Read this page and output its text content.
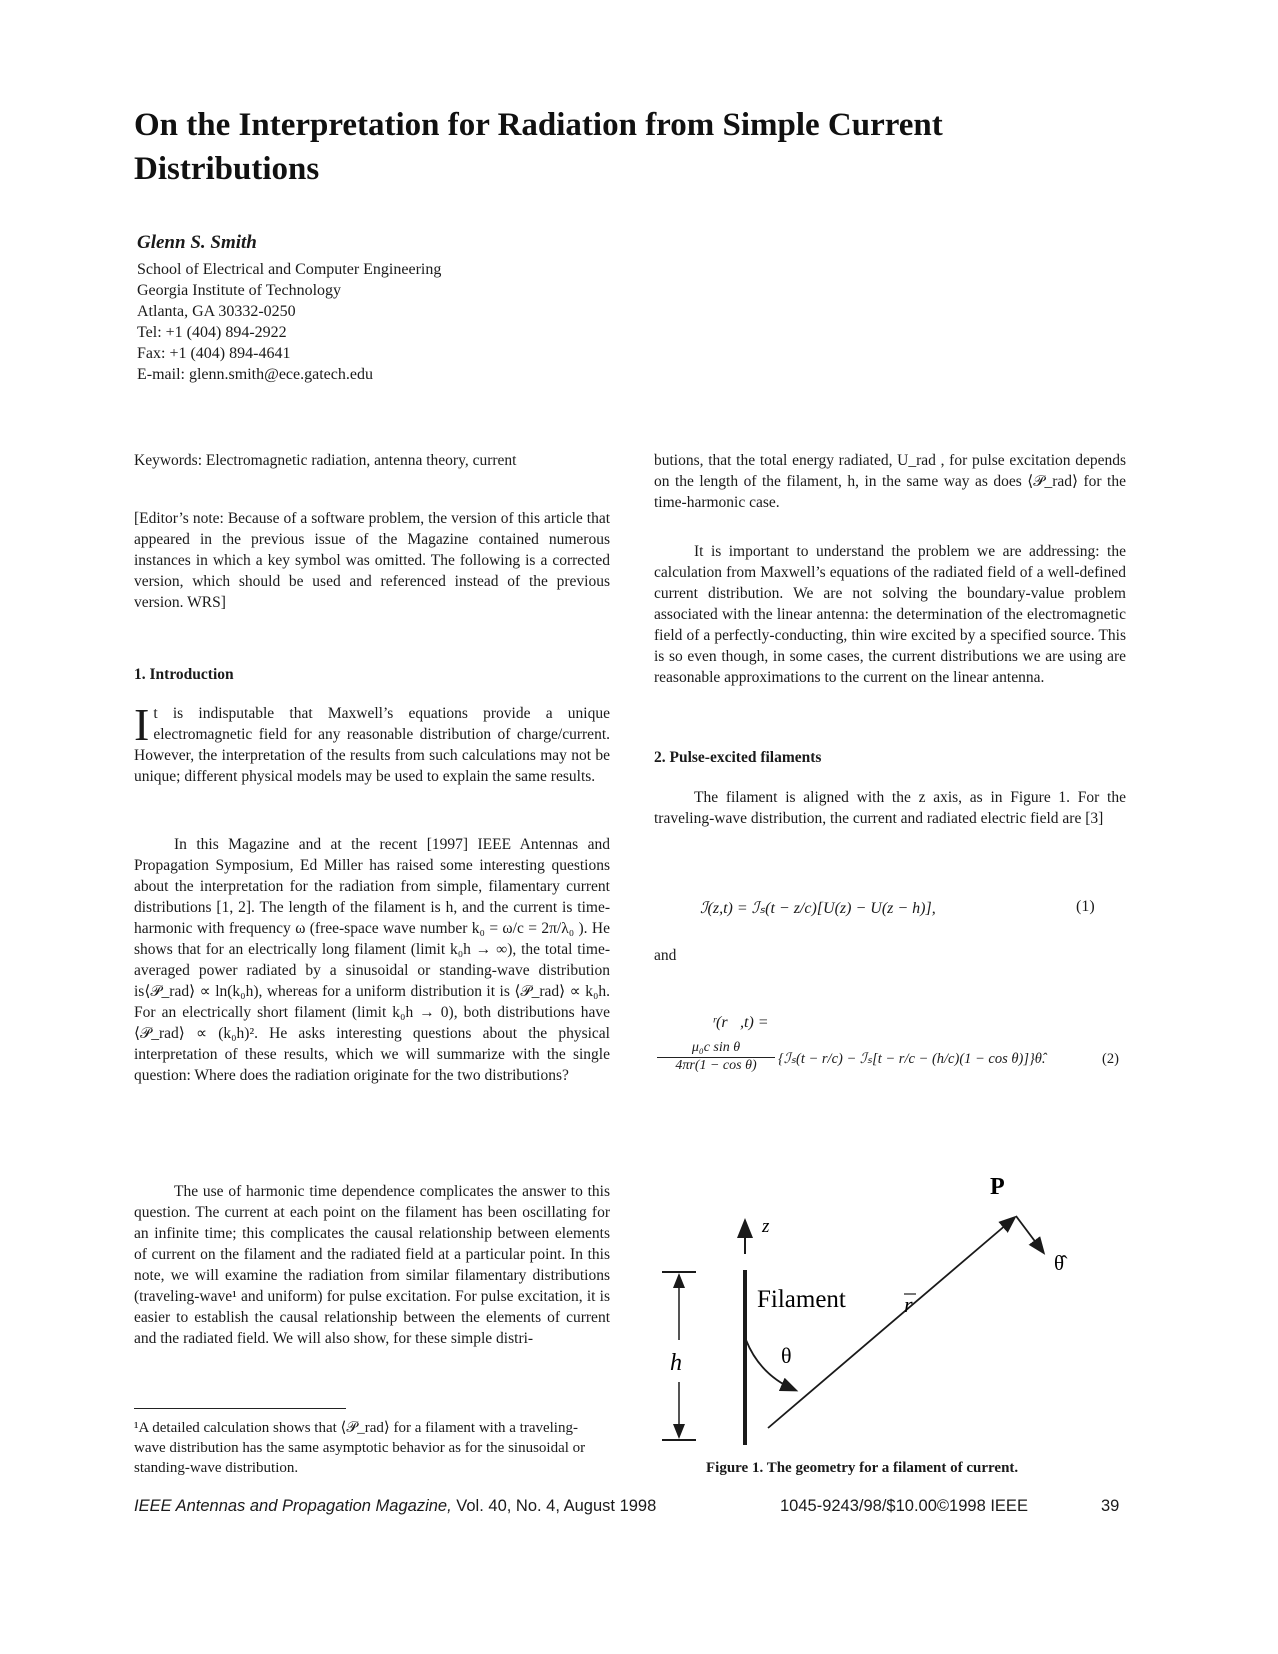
On the Interpretation for Radiation from Simple Current Distributions
Glenn S. Smith
School of Electrical and Computer Engineering
Georgia Institute of Technology
Atlanta, GA 30332-0250
Tel: +1 (404) 894-2922
Fax: +1 (404) 894-4641
E-mail: glenn.smith@ece.gatech.edu
Keywords: Electromagnetic radiation, antenna theory, current
[Editor’s note: Because of a software problem, the version of this article that appeared in the previous issue of the Magazine contained numerous instances in which a key symbol was omitted. The following is a corrected version, which should be used and referenced instead of the previous version. WRS]
1. Introduction
It is indisputable that Maxwell’s equations provide a unique electromagnetic field for any reasonable distribution of charge/current. However, the interpretation of the results from such calculations may not be unique; different physical models may be used to explain the same results.
In this Magazine and at the recent [1997] IEEE Antennas and Propagation Symposium, Ed Miller has raised some interesting questions about the interpretation for the radiation from simple, filamentary current distributions [1, 2]. The length of the filament is h, and the current is time-harmonic with frequency ω (free-space wave number k₀ = ω/c = 2π/λ₀ ). He shows that for an electrically long filament (limit k₀h → ∞), the total time-averaged power radiated by a sinusoidal or standing-wave distribution is⟨𝒫_rad⟩ ∝ ln(k₀h), whereas for a uniform distribution it is ⟨𝒫_rad⟩ ∝ k₀h. For an electrically short filament (limit k₀h → 0), both distributions have ⟨𝒫_rad⟩ ∝ (k₀h)². He asks interesting questions about the physical interpretation of these results, which we will summarize with the single question: Where does the radiation originate for the two distributions?
The use of harmonic time dependence complicates the answer to this question. The current at each point on the filament has been oscillating for an infinite time; this complicates the causal relationship between elements of current on the filament and the radiated field at a particular point. In this note, we will examine the radiation from similar filamentary distributions (traveling-wave¹ and uniform) for pulse excitation. For pulse excitation, it is easier to establish the causal relationship between the elements of current and the radiated field. We will also show, for these simple distri-
¹A detailed calculation shows that ⟨𝒫_rad⟩ for a filament with a traveling-wave distribution has the same asymptotic behavior as for the sinusoidal or standing-wave distribution.
butions, that the total energy radiated, U_rad , for pulse excitation depends on the length of the filament, h, in the same way as does ⟨𝒫_rad⟩ for the time-harmonic case.
It is important to understand the problem we are addressing: the calculation from Maxwell’s equations of the radiated field of a well-defined current distribution. We are not solving the boundary-value problem associated with the linear antenna: the determination of the electromagnetic field of a perfectly-conducting, thin wire excited by a specified source. This is so even though, in some cases, the current distributions we are using are reasonable approximations to the current on the linear antenna.
2. Pulse-excited filaments
The filament is aligned with the z axis, as in Figure 1. For the traveling-wave distribution, the current and radiated electric field are [3]
ℐ(z,t) = ℐₛ(t − z/c)[U(z) − U(z − h)],	(1)
and
ℰʳ(r⃗,t) =
$\frac{\text{μ₀c sin θ}}{\text{4πr(1 − cos θ)}}$ {ℐₛ(t − r/c) − ℐₛ[t − r/c − (h/c)(1 − cos θ)]}θ̂.	(2)
z
Filament
h
r
θ
P
θ̂
Figure 1. The geometry for a filament of current.
IEEE Antennas and Propagation Magazine, Vol. 40, No. 4, August 1998	1045-9243/98/$10.00©1998 IEEE	39
